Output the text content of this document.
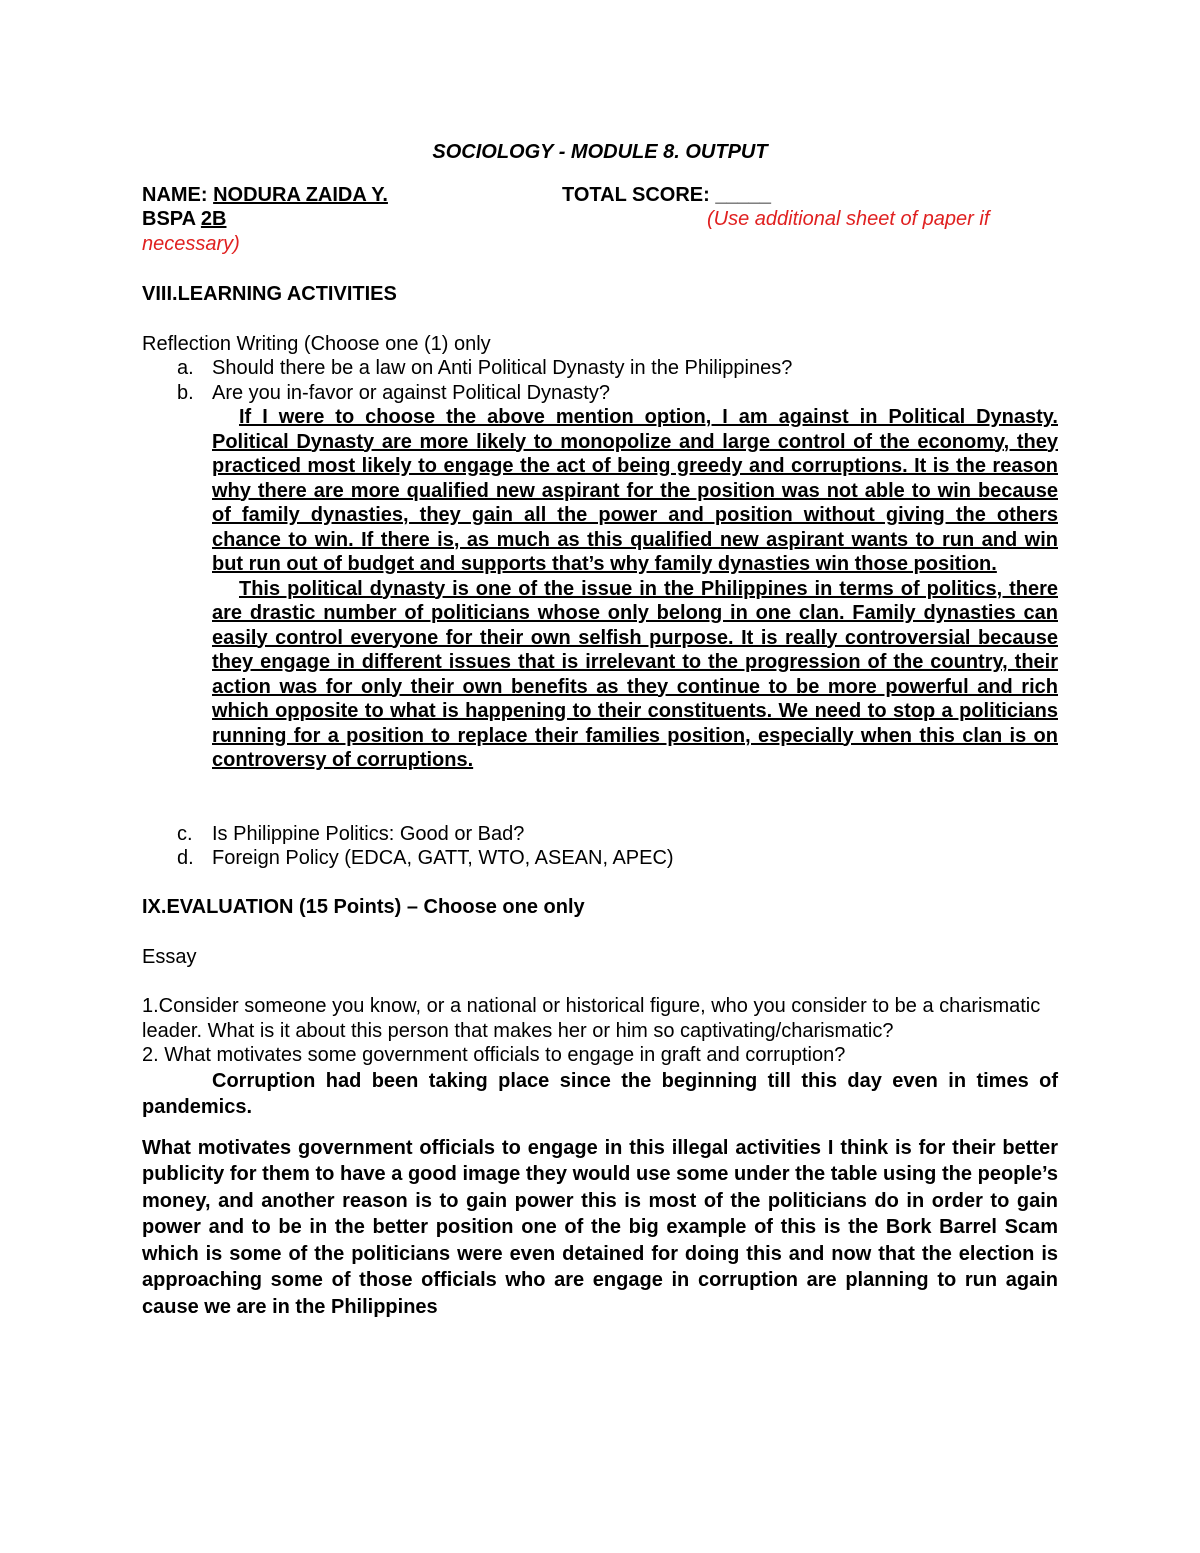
SOCIOLOGY - MODULE 8. OUTPUT
NAME: NODURA ZAIDA Y.	TOTAL SCORE: _____
BSPA 2B	(Use additional sheet of paper if
necessary)
VIII.LEARNING ACTIVITIES
Reflection Writing (Choose one (1) only
a. Should there be a law on Anti Political Dynasty in the Philippines?
b. Are you in-favor or against Political Dynasty?
If I were to choose the above mention option, I am against in Political Dynasty. Political Dynasty are more likely to monopolize and large control of the economy, they practiced most likely to engage the act of being greedy and corruptions. It is the reason why there are more qualified new aspirant for the position was not able to win because of family dynasties, they gain all the power and position without giving the others chance to win. If there is, as much as this qualified new aspirant wants to run and win but run out of budget and supports that’s why family dynasties win those position.
This political dynasty is one of the issue in the Philippines in terms of politics, there are drastic number of politicians whose only belong in one clan. Family dynasties can easily control everyone for their own selfish purpose. It is really controversial because they engage in different issues that is irrelevant to the progression of the country, their action was for only their own benefits as they continue to be more powerful and rich which opposite to what is happening to their constituents. We need to stop a politicians running for a position to replace their families position, especially when this clan is on controversy of corruptions.
c. Is Philippine Politics: Good or Bad?
d. Foreign Policy (EDCA, GATT, WTO, ASEAN, APEC)
IX.EVALUATION (15 Points) – Choose one only
Essay
1.Consider someone you know, or a national or historical figure, who you consider to be a charismatic leader. What is it about this person that makes her or him so captivating/charismatic?
2. What motivates some government officials to engage in graft and corruption?
Corruption had been taking place since the beginning till this day even in times of pandemics.
What motivates government officials to engage in this illegal activities I think is for their better publicity for them to have a good image they would use some under the table using the people’s money, and another reason is to gain power this is most of the politicians do in order to gain power and to be in the better position one of the big example of this is the Bork Barrel Scam which is some of the politicians were even detained for doing this and now that the election is approaching some of those officials who are engage in corruption are planning to run again cause we are in the Philippines
